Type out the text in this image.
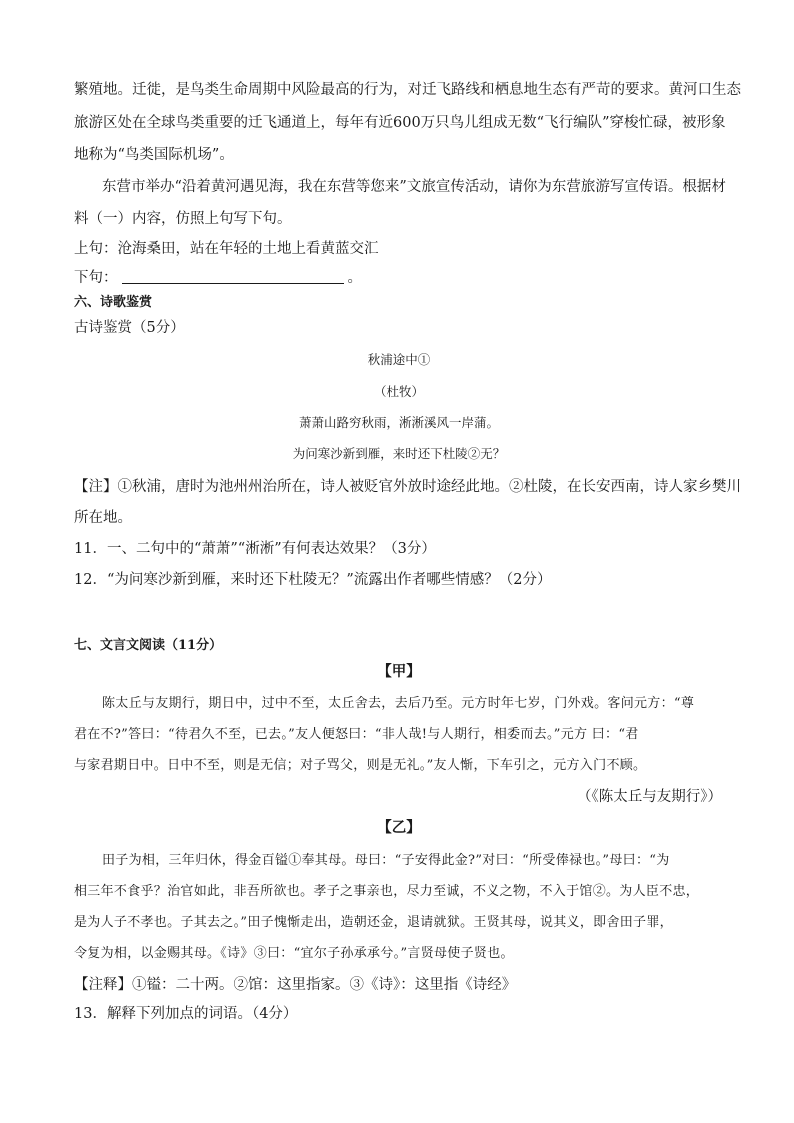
繁殖地。迁徙，是鸟类生命周期中风险最高的行为，对迁飞路线和栖息地生态有严苛的要求。黄河口生态
旅游区处在全球鸟类重要的迁飞通道上，每年有近600万只鸟儿组成无数“飞行编队”穿梭忙碌，被形象
地称为“鸟类国际机场”。
东营市举办“沿着黄河遇见海，我在东营等您来”文旅宣传活动，请你为东营旅游写宣传语。根据材
料（一）内容，仿照上句写下句。
上句：沧海桑田，站在年轻的土地上看黄蓝交汇
下句：	。
六、诗歌鉴赏
古诗鉴赏（5分）
秋浦途中①
（杜牧）
萧萧山路穷秋雨，淅淅溪风一岸蒲。
为问寒沙新到雁，来时还下杜陵②无？
【注】①秋浦，唐时为池州州治所在，诗人被贬官外放时途经此地。②杜陵，在长安西南，诗人家乡樊川
所在地。
11．一、二句中的“萧萧”“淅淅”有何表达效果？（3分）
12．“为问寒沙新到雁，来时还下杜陵无？”流露出作者哪些情感？（2分）
七、文言文阅读（11分）
【甲】
陈太丘与友期行，期日中，过中不至，太丘舍去，去后乃至。元方时年七岁，门外戏。客问元方：“尊
君在不?”答曰：“待君久不至，已去。”友人便怒曰：“非人哉!与人期行，相委而去。”元方 曰：“君
与家君期日中。日中不至，则是无信；对子骂父，则是无礼。”友人惭，下车引之，元方入门不顾。
（《陈太丘与友期行》）
【乙】
田子为相，三年归休，得金百镒①奉其母。母曰：“子安得此金?”对曰：“所受俸禄也。”母曰：“为
相三年不食乎？治官如此，非吾所欲也。孝子之事亲也，尽力至诚，不义之物，不入于馆②。为人臣不忠，
是为人子不孝也。子其去之。”田子愧惭走出，造朝还金，退请就狱。王贤其母，说其义，即舍田子罪，
令复为相，以金赐其母。《诗》③曰：“宜尔子孙承承兮。”言贤母使子贤也。
【注释】①镒：二十两。②馆：这里指家。③《诗》：这里指《诗经》
13．解释下列加点的词语。（4分）
